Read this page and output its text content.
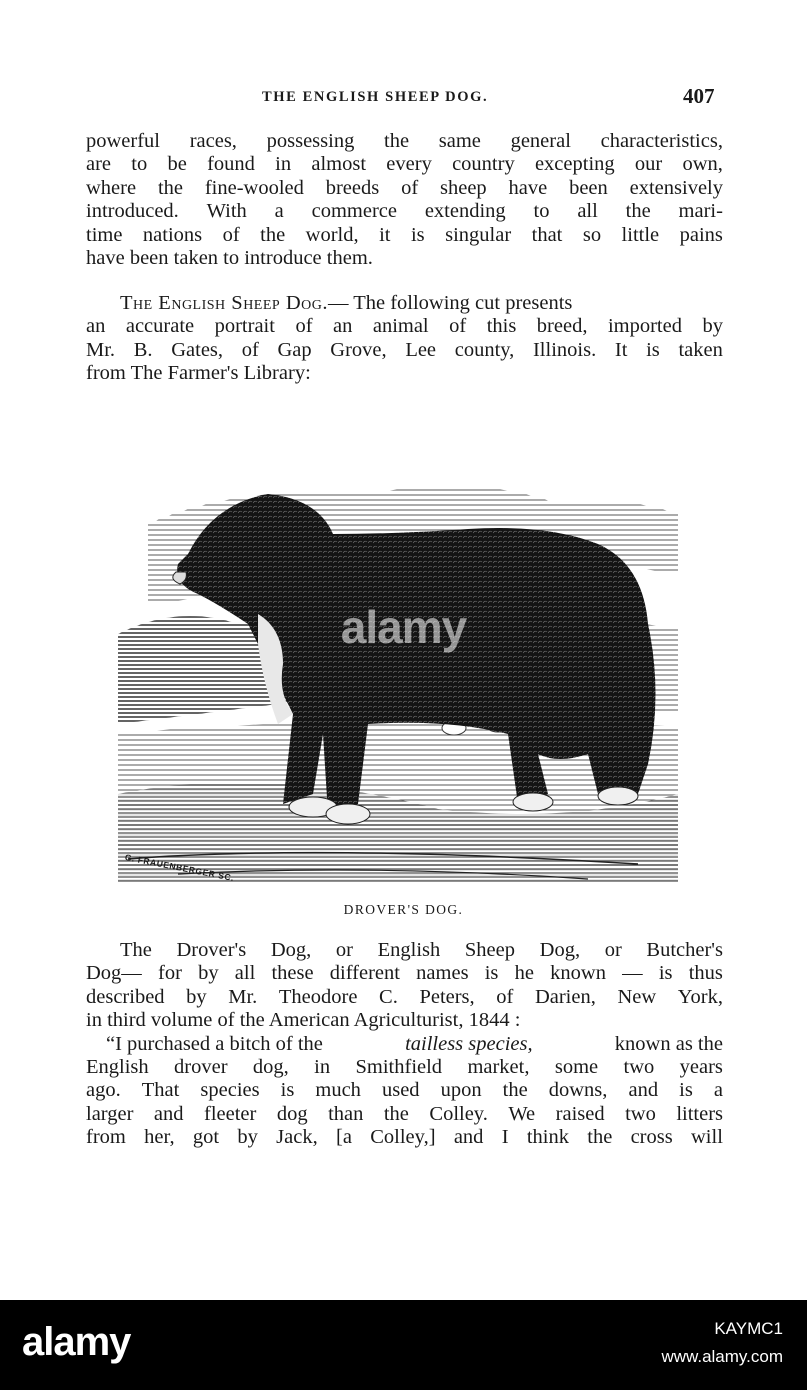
THE ENGLISH SHEEP DOG.	407
powerful races, possessing the same general characteristics,
are to be found in almost every country excepting our own,
where the fine-wooled breeds of sheep have been extensively
introduced. With a commerce extending to all the mari-
time nations of the world, it is singular that so little pains
have been taken to introduce them.
The English Sheep Dog.— The following cut presents
an accurate portrait of an animal of this breed, imported by
Mr. B. Gates, of Gap Grove, Lee county, Illinois. It is taken
from The Farmer's Library:
G. FRAUENBERGER SC.
DROVER'S DOG.
The Drover's Dog, or English Sheep Dog, or Butcher's
Dog— for by all these different names is he known — is thus
described by Mr. Theodore C. Peters, of Darien, New York,
in third volume of the American Agriculturist, 1844 :
“I purchased a bitch of the	tailless species,	known as the
English drover dog, in Smithfield market, some two years
ago. That species is much used upon the downs, and is a
larger and fleeter dog than the Colley. We raised two litters
from her, got by Jack, [a Colley,] and I think the cross will
alamy
alamy	KAYMC1
www.alamy.com
